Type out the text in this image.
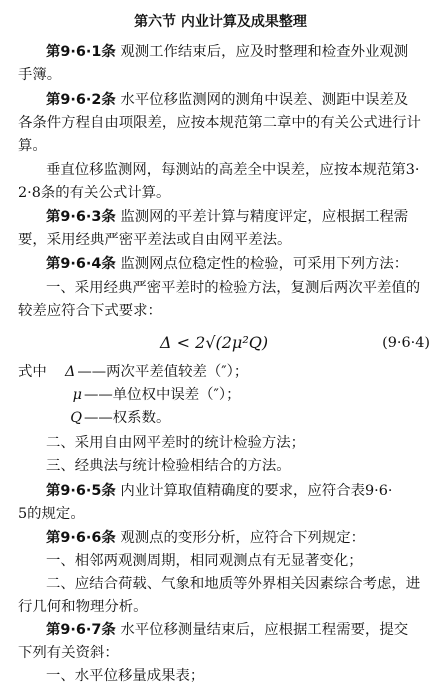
第六节 内业计算及成果整理
第9·6·1条 观测工作结束后，应及时整理和检查外业观测
手簿。
第9·6·2条 水平位移监测网的测角中误差、测距中误差及
各条件方程自由项限差，应按本规范第二章中的有关公式进行计
算。
垂直位移监测网，每测站的高差全中误差，应按本规范第3·
2·8条的有关公式计算。
第9·6·3条 监测网的平差计算与精度评定，应根据工程需
要，采用经典严密平差法或自由网平差法。
第9·6·4条 监测网点位稳定性的检验，可采用下列方法：
一、采用经典严密平差时的检验方法，复测后两次平差值的
较差应符合下式要求：
Δ < 2√(2μ²Q)	(9·6·4)
式中 Δ ——两次平差值较差（″）；
μ ——单位权中误差（″）；
Q ——权系数。
二、采用自由网平差时的统计检验方法；
三、经典法与统计检验相结合的方法。
第9·6·5条 内业计算取值精确度的要求，应符合表9·6·
5的规定。
第9·6·6条 观测点的变形分析，应符合下列规定：
一、相邻两观测周期，相同观测点有无显著变化；
二、应结合荷载、气象和地质等外界相关因素综合考虑，进
行几何和物理分析。
第9·6·7条 水平位移测量结束后，应根据工程需要，提交
下列有关资斜：
一、水平位移量成果表；
